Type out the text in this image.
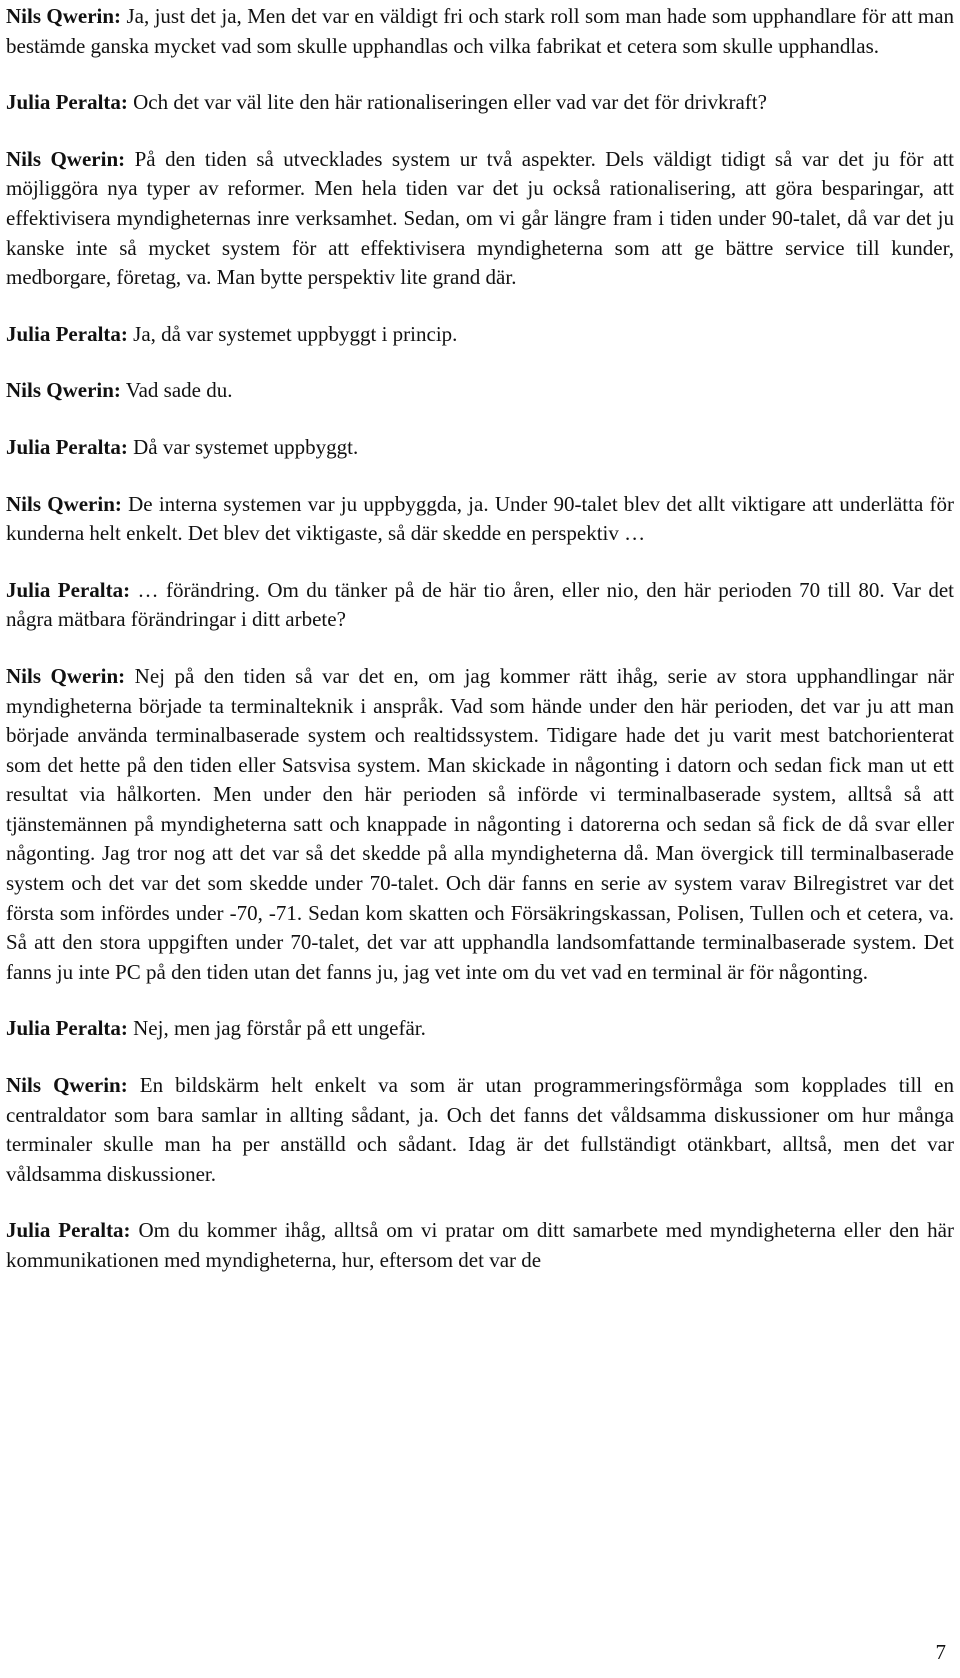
Nils Qwerin: Ja, just det ja, Men det var en väldigt fri och stark roll som man hade som upphandlare för att man bestämde ganska mycket vad som skulle upphandlas och vilka fabrikat et cetera som skulle upphandlas.

Julia Peralta: Och det var väl lite den här rationaliseringen eller vad var det för drivkraft?

Nils Qwerin: På den tiden så utvecklades system ur två aspekter. Dels väldigt tidigt så var det ju för att möjliggöra nya typer av reformer. Men hela tiden var det ju också rationalisering, att göra besparingar, att effektivisera myndigheternas inre verksamhet. Sedan, om vi går längre fram i tiden under 90-talet, då var det ju kanske inte så mycket system för att effektivisera myndigheterna som att ge bättre service till kunder, medborgare, företag, va. Man bytte perspektiv lite grand där.

Julia Peralta: Ja, då var systemet uppbyggt i princip.

Nils Qwerin: Vad sade du.

Julia Peralta: Då var systemet uppbyggt.

Nils Qwerin: De interna systemen var ju uppbyggda, ja. Under 90-talet blev det allt viktigare att underlätta för kunderna helt enkelt. Det blev det viktigaste, så där skedde en perspektiv …

Julia Peralta: … förändring. Om du tänker på de här tio åren, eller nio, den här perioden 70 till 80. Var det några mätbara förändringar i ditt arbete?

Nils Qwerin: Nej på den tiden så var det en, om jag kommer rätt ihåg, serie av stora upphandlingar när myndigheterna började ta terminalteknik i anspråk. Vad som hände under den här perioden, det var ju att man började använda terminalbaserade system och realtidssystem. Tidigare hade det ju varit mest batchorienterat som det hette på den tiden eller Satsvisa system. Man skickade in någonting i datorn och sedan fick man ut ett resultat via hålkorten. Men under den här perioden så införde vi terminalbaserade system, alltså så att tjänstemännen på myndigheterna satt och knappade in någonting i datorerna och sedan så fick de då svar eller någonting. Jag tror nog att det var så det skedde på alla myndigheterna då. Man övergick till terminalbaserade system och det var det som skedde under 70-talet. Och där fanns en serie av system varav Bilregistret var det första som infördes under -70, -71. Sedan kom skatten och Försäkringskassan, Polisen, Tullen och et cetera, va. Så att den stora uppgiften under 70-talet, det var att upphandla landsomfattande terminalbaserade system. Det fanns ju inte PC på den tiden utan det fanns ju, jag vet inte om du vet vad en terminal är för någonting.

Julia Peralta: Nej, men jag förstår på ett ungefär.

Nils Qwerin: En bildskärm helt enkelt va som är utan programmeringsförmåga som kopplades till en centraldator som bara samlar in allting sådant, ja. Och det fanns det våldsamma diskussioner om hur många terminaler skulle man ha per anställd och sådant. Idag är det fullständigt otänkbart, alltså, men det var våldsamma diskussioner.

Julia Peralta: Om du kommer ihåg, alltså om vi pratar om ditt samarbete med myndigheterna eller den här kommunikationen med myndigheterna, hur, eftersom det var de

7
